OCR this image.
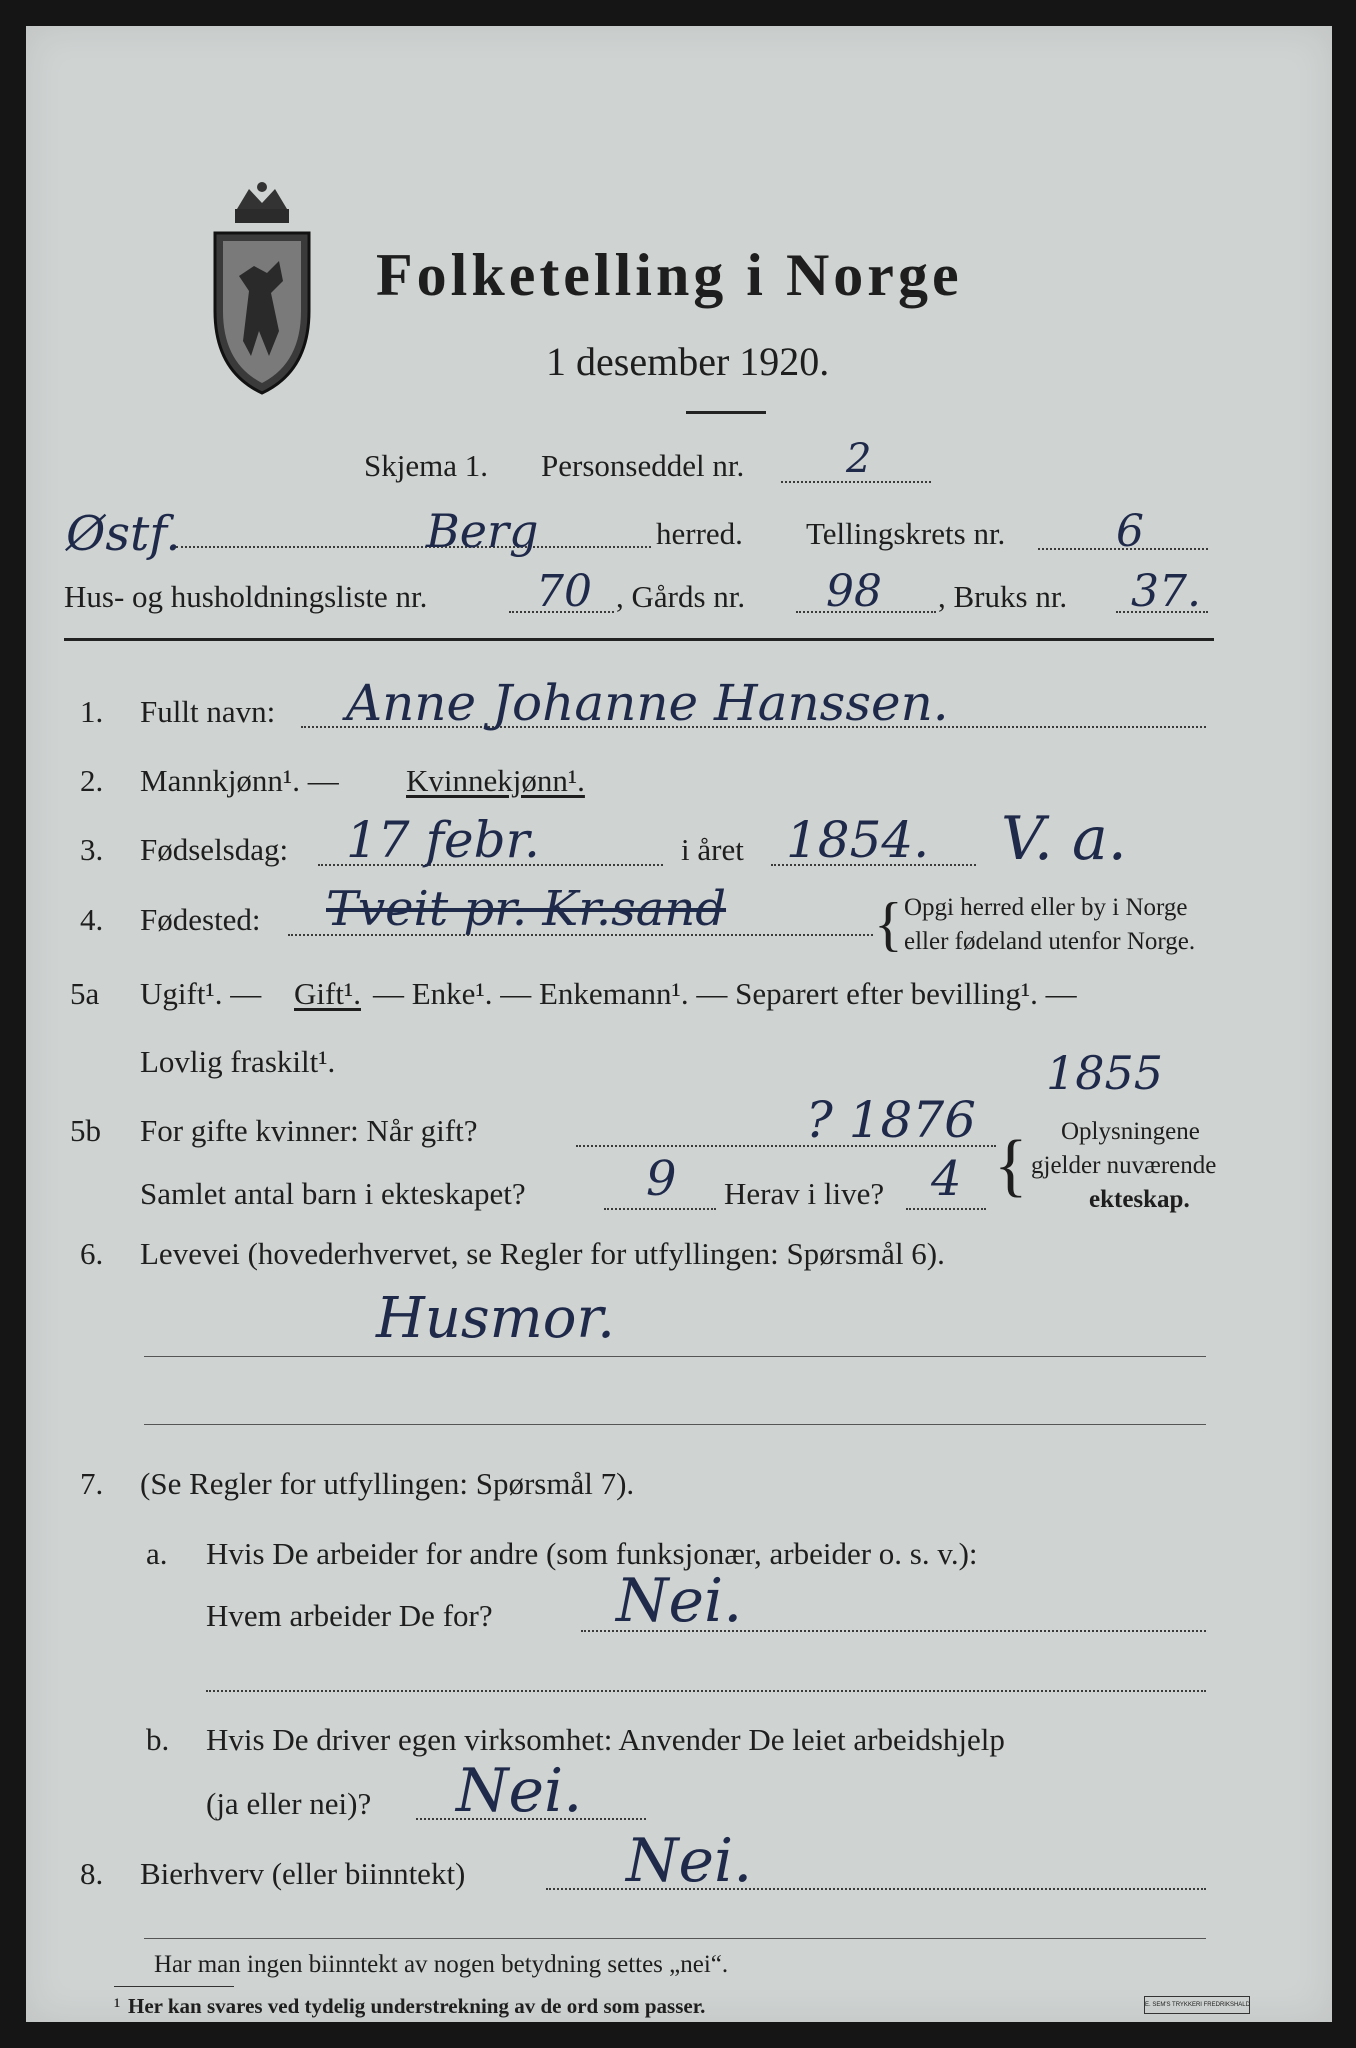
Folketelling i Norge
1 desember 1920.
Skjema 1. Personseddel nr.	2
Østf.	Berg	herred. Tellingskrets nr.	6
Hus- og husholdningsliste nr. 70 , Gårds nr. 98 , Bruks nr. 37.
1. Fullt navn: Anne Johanne Hanssen.
2. Mannkjønn¹. — Kvinnekjønn¹.
3. Fødselsdag: 17 febr.	i året 1854. V. a.
4. Fødested: Tveit pr. Kr.sand { Opgi herred eller by i Norge
eller fødeland utenfor Norge.
5a Ugift¹. — Gift¹. — Enke¹. — Enkemann¹. — Separert efter bevilling¹. —
Lovlig fraskilt¹.
5b For gifte kvinner: Når gift?	? 1876
1855
Samlet antal barn i ekteskapet?	9 Herav i live? 4 { Oplysningene
gjelder nuværende
ekteskap.
6. Levevei (hovederhvervet, se Regler for utfyllingen: Spørsmål 6).
Husmor.
7. (Se Regler for utfyllingen: Spørsmål 7).
a. Hvis De arbeider for andre (som funksjonær, arbeider o. s. v.):
Hvem arbeider De for? Nei.
b. Hvis De driver egen virksomhet: Anvender De leiet arbeidshjelp
(ja eller nei)? Nei.
8. Bierhverv (eller biinntekt)	Nei.
Har man ingen biinntekt av nogen betydning settes „nei“.
¹ Her kan svares ved tydelig understrekning av de ord som passer.	E. SEM'S TRYKKERI FREDRIKSHALD
